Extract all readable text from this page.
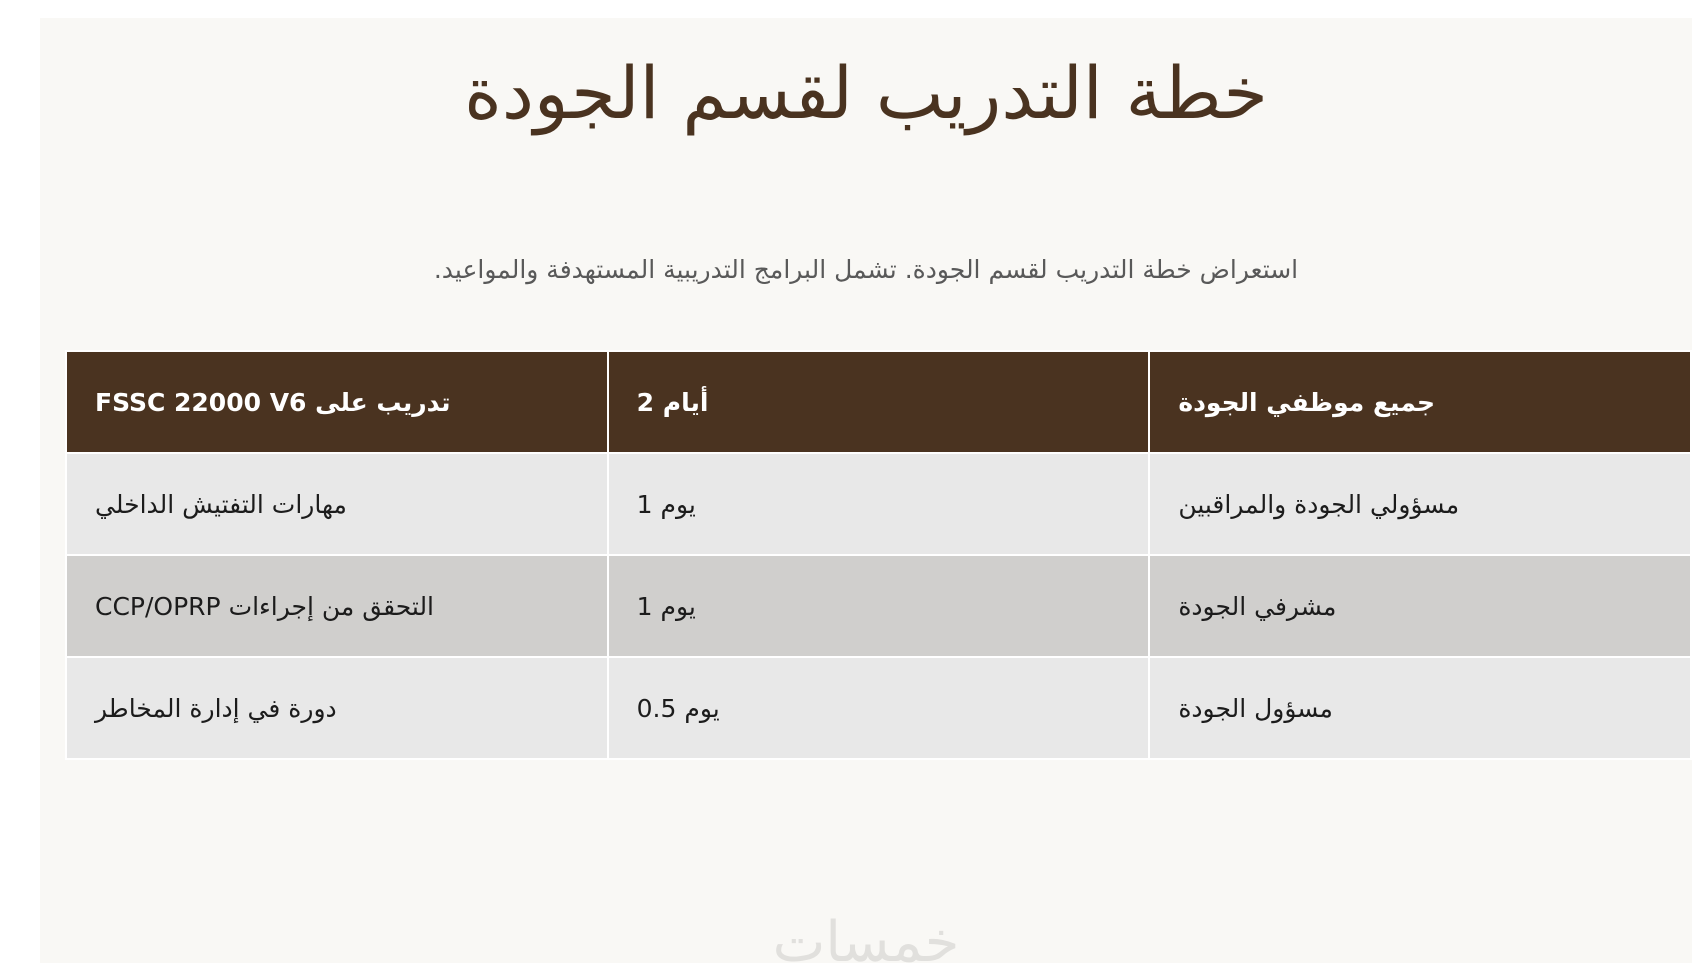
خطة التدريب لقسم الجودة
استعراض خطة التدريب لقسم الجودة. تشمل البرامج التدريبية المستهدفة والمواعيد.
تدريب على FSSC 22000 V6	أيام 2	جميع موظفي الجودة
مهارات التفتيش الداخلي	يوم 1	مسؤولي الجودة والمراقبين
التحقق من إجراءات CCP/OPRP	يوم 1	مشرفي الجودة
دورة في إدارة المخاطر	يوم 0.5	مسؤول الجودة
خمسات
